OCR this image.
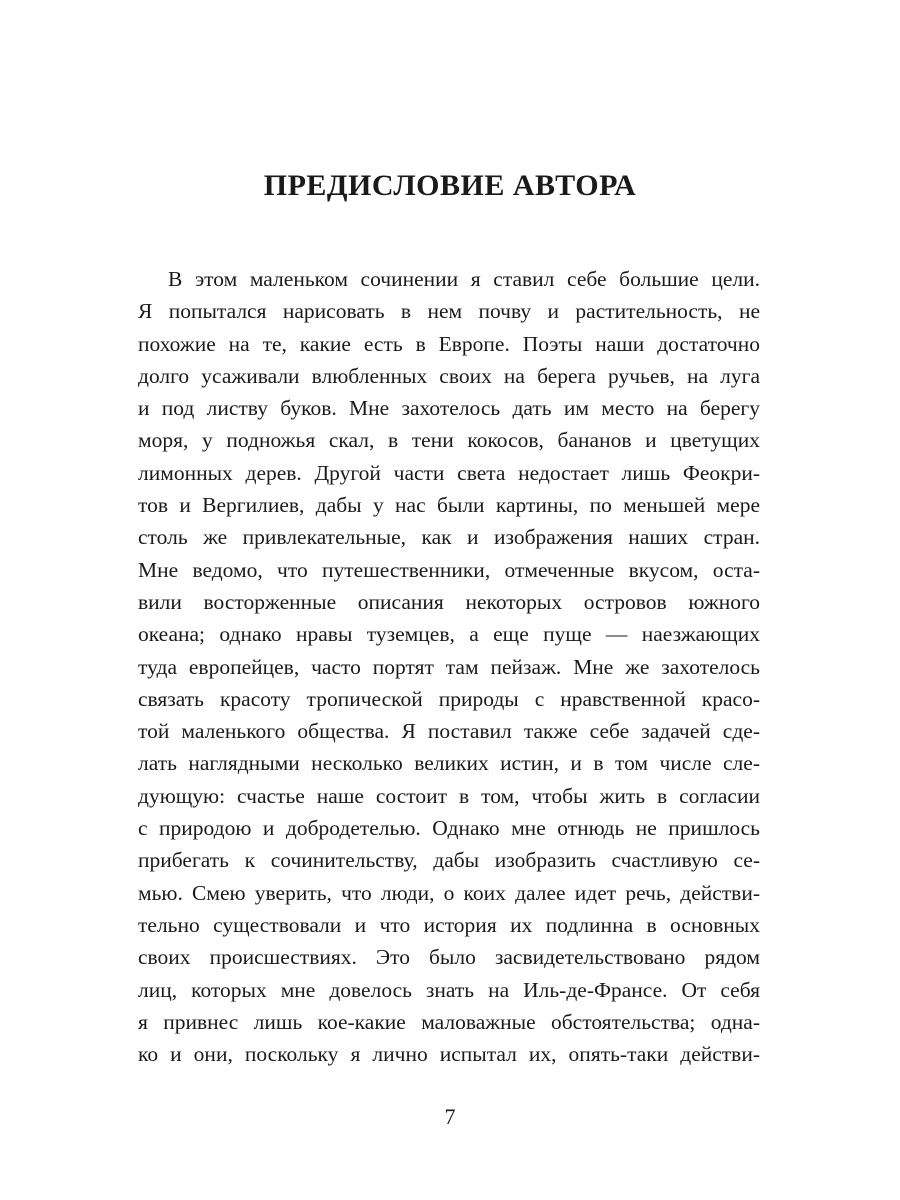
ПРЕДИСЛОВИЕ АВТОРА
В этом маленьком сочинении я ставил себе большие цели.
Я попытался нарисовать в нем почву и растительность, не
похожие на те, какие есть в Европе. Поэты наши достаточно
долго усаживали влюбленных своих на берега ручьев, на луга
и под листву буков. Мне захотелось дать им место на берегу
моря, у подножья скал, в тени кокосов, бананов и цветущих
лимонных дерев. Другой части света недостает лишь Феокри-
тов и Вергилиев, дабы у нас были картины, по меньшей мере
столь же привлекательные, как и изображения наших стран.
Мне ведомо, что путешественники, отмеченные вкусом, оста-
вили восторженные описания некоторых островов южного
океана; однако нравы туземцев, а еще пуще — наезжающих
туда европейцев, часто портят там пейзаж. Мне же захотелось
связать красоту тропической природы с нравственной красо-
той маленького общества. Я поставил также себе задачей сде-
лать наглядными несколько великих истин, и в том числе сле-
дующую: счастье наше состоит в том, чтобы жить в согласии
с природою и добродетелью. Однако мне отнюдь не пришлось
прибегать к сочинительству, дабы изобразить счастливую се-
мью. Смею уверить, что люди, о коих далее идет речь, действи-
тельно существовали и что история их подлинна в основных
своих происшествиях. Это было засвидетельствовано рядом
лиц, которых мне довелось знать на Иль-де-Франсе. От себя
я привнес лишь кое-какие маловажные обстоятельства; одна-
ко и они, поскольку я лично испытал их, опять-таки действи-
7
